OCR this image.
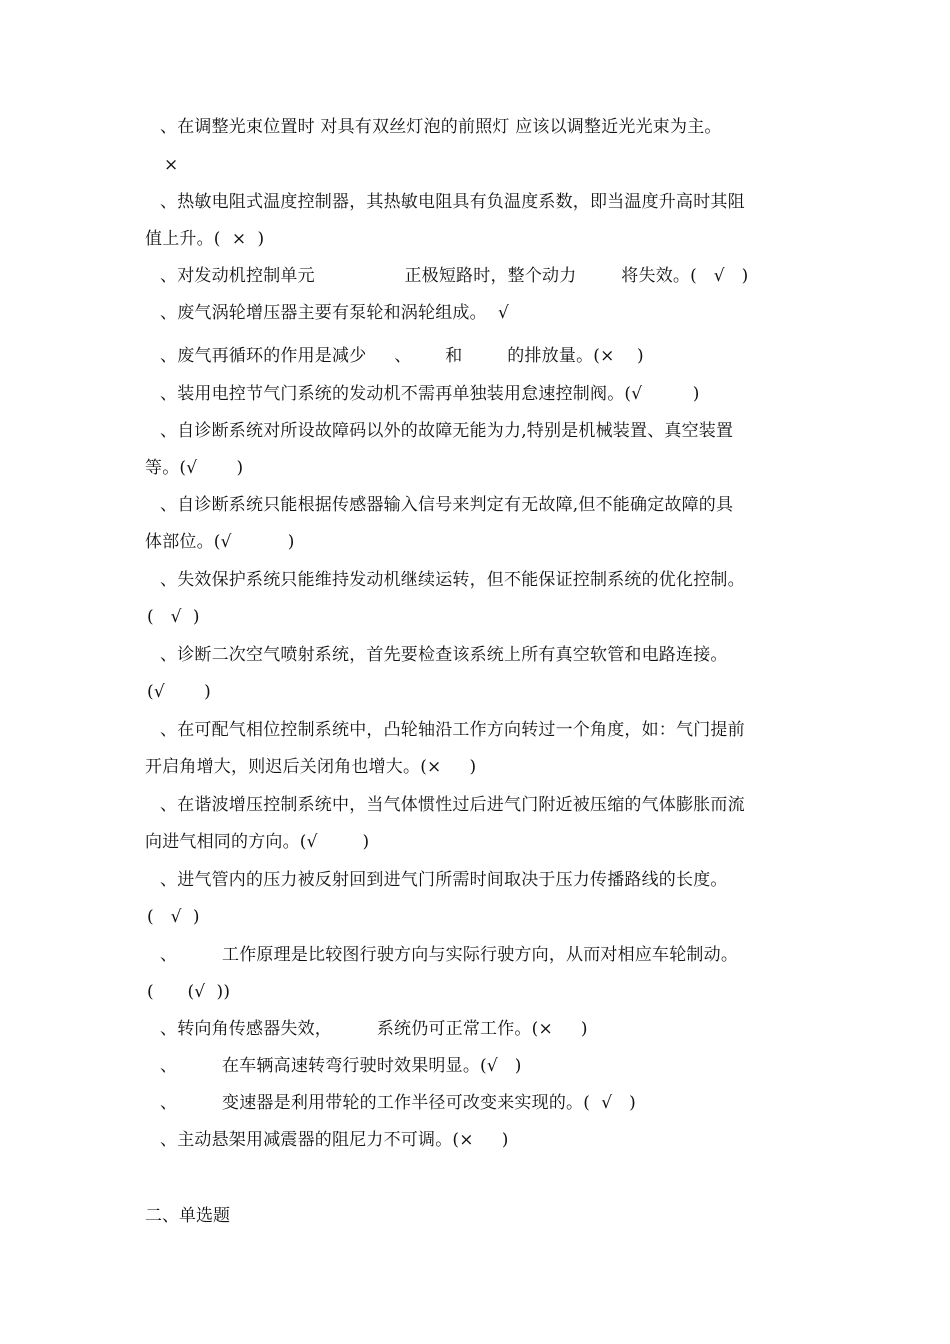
、在调整光束位置时 对具有双丝灯泡的前照灯 应该以调整近光光束为主。
×
、热敏电阻式温度控制器，其热敏电阻具有负温度系数，即当温度升高时其阻
值上升。(  ×  )
、对发动机控制单元                正极短路时，整个动力        将失效。(   √   )
、废气涡轮增压器主要有泵轮和涡轮组成。  √
、废气再循环的作用是减少     、      和        的排放量。(×    )
、装用电控节气门系统的发动机不需再单独装用怠速控制阀。(√         )
、自诊断系统对所设故障码以外的故障无能为力,特别是机械装置、真空装置
等。(√       )
、自诊断系统只能根据传感器输入信号来判定有无故障,但不能确定故障的具
体部位。(√          )
、失效保护系统只能维持发动机继续运转，但不能保证控制系统的优化控制。
(   √  )
、诊断二次空气喷射系统，首先要检查该系统上所有真空软管和电路连接。
(√       )
、在可配气相位控制系统中，凸轮轴沿工作方向转过一个角度，如：气门提前
开启角增大，则迟后关闭角也增大。(×     )
、在谐波增压控制系统中，当气体惯性过后进气门附近被压缩的气体膨胀而流
向进气相同的方向。(√        )
、进气管内的压力被反射回到进气门所需时间取决于压力传播路线的长度。
(   √  )
、        工作原理是比较图行驶方向与实际行驶方向，从而对相应车轮制动。
(      (√  ))
、转向角传感器失效，        系统仍可正常工作。(×     )
、        在车辆高速转弯行驶时效果明显。(√   )
、        变速器是利用带轮的工作半径可改变来实现的。(  √   )
、主动悬架用减震器的阻尼力不可调。(×     )
二、单选题
